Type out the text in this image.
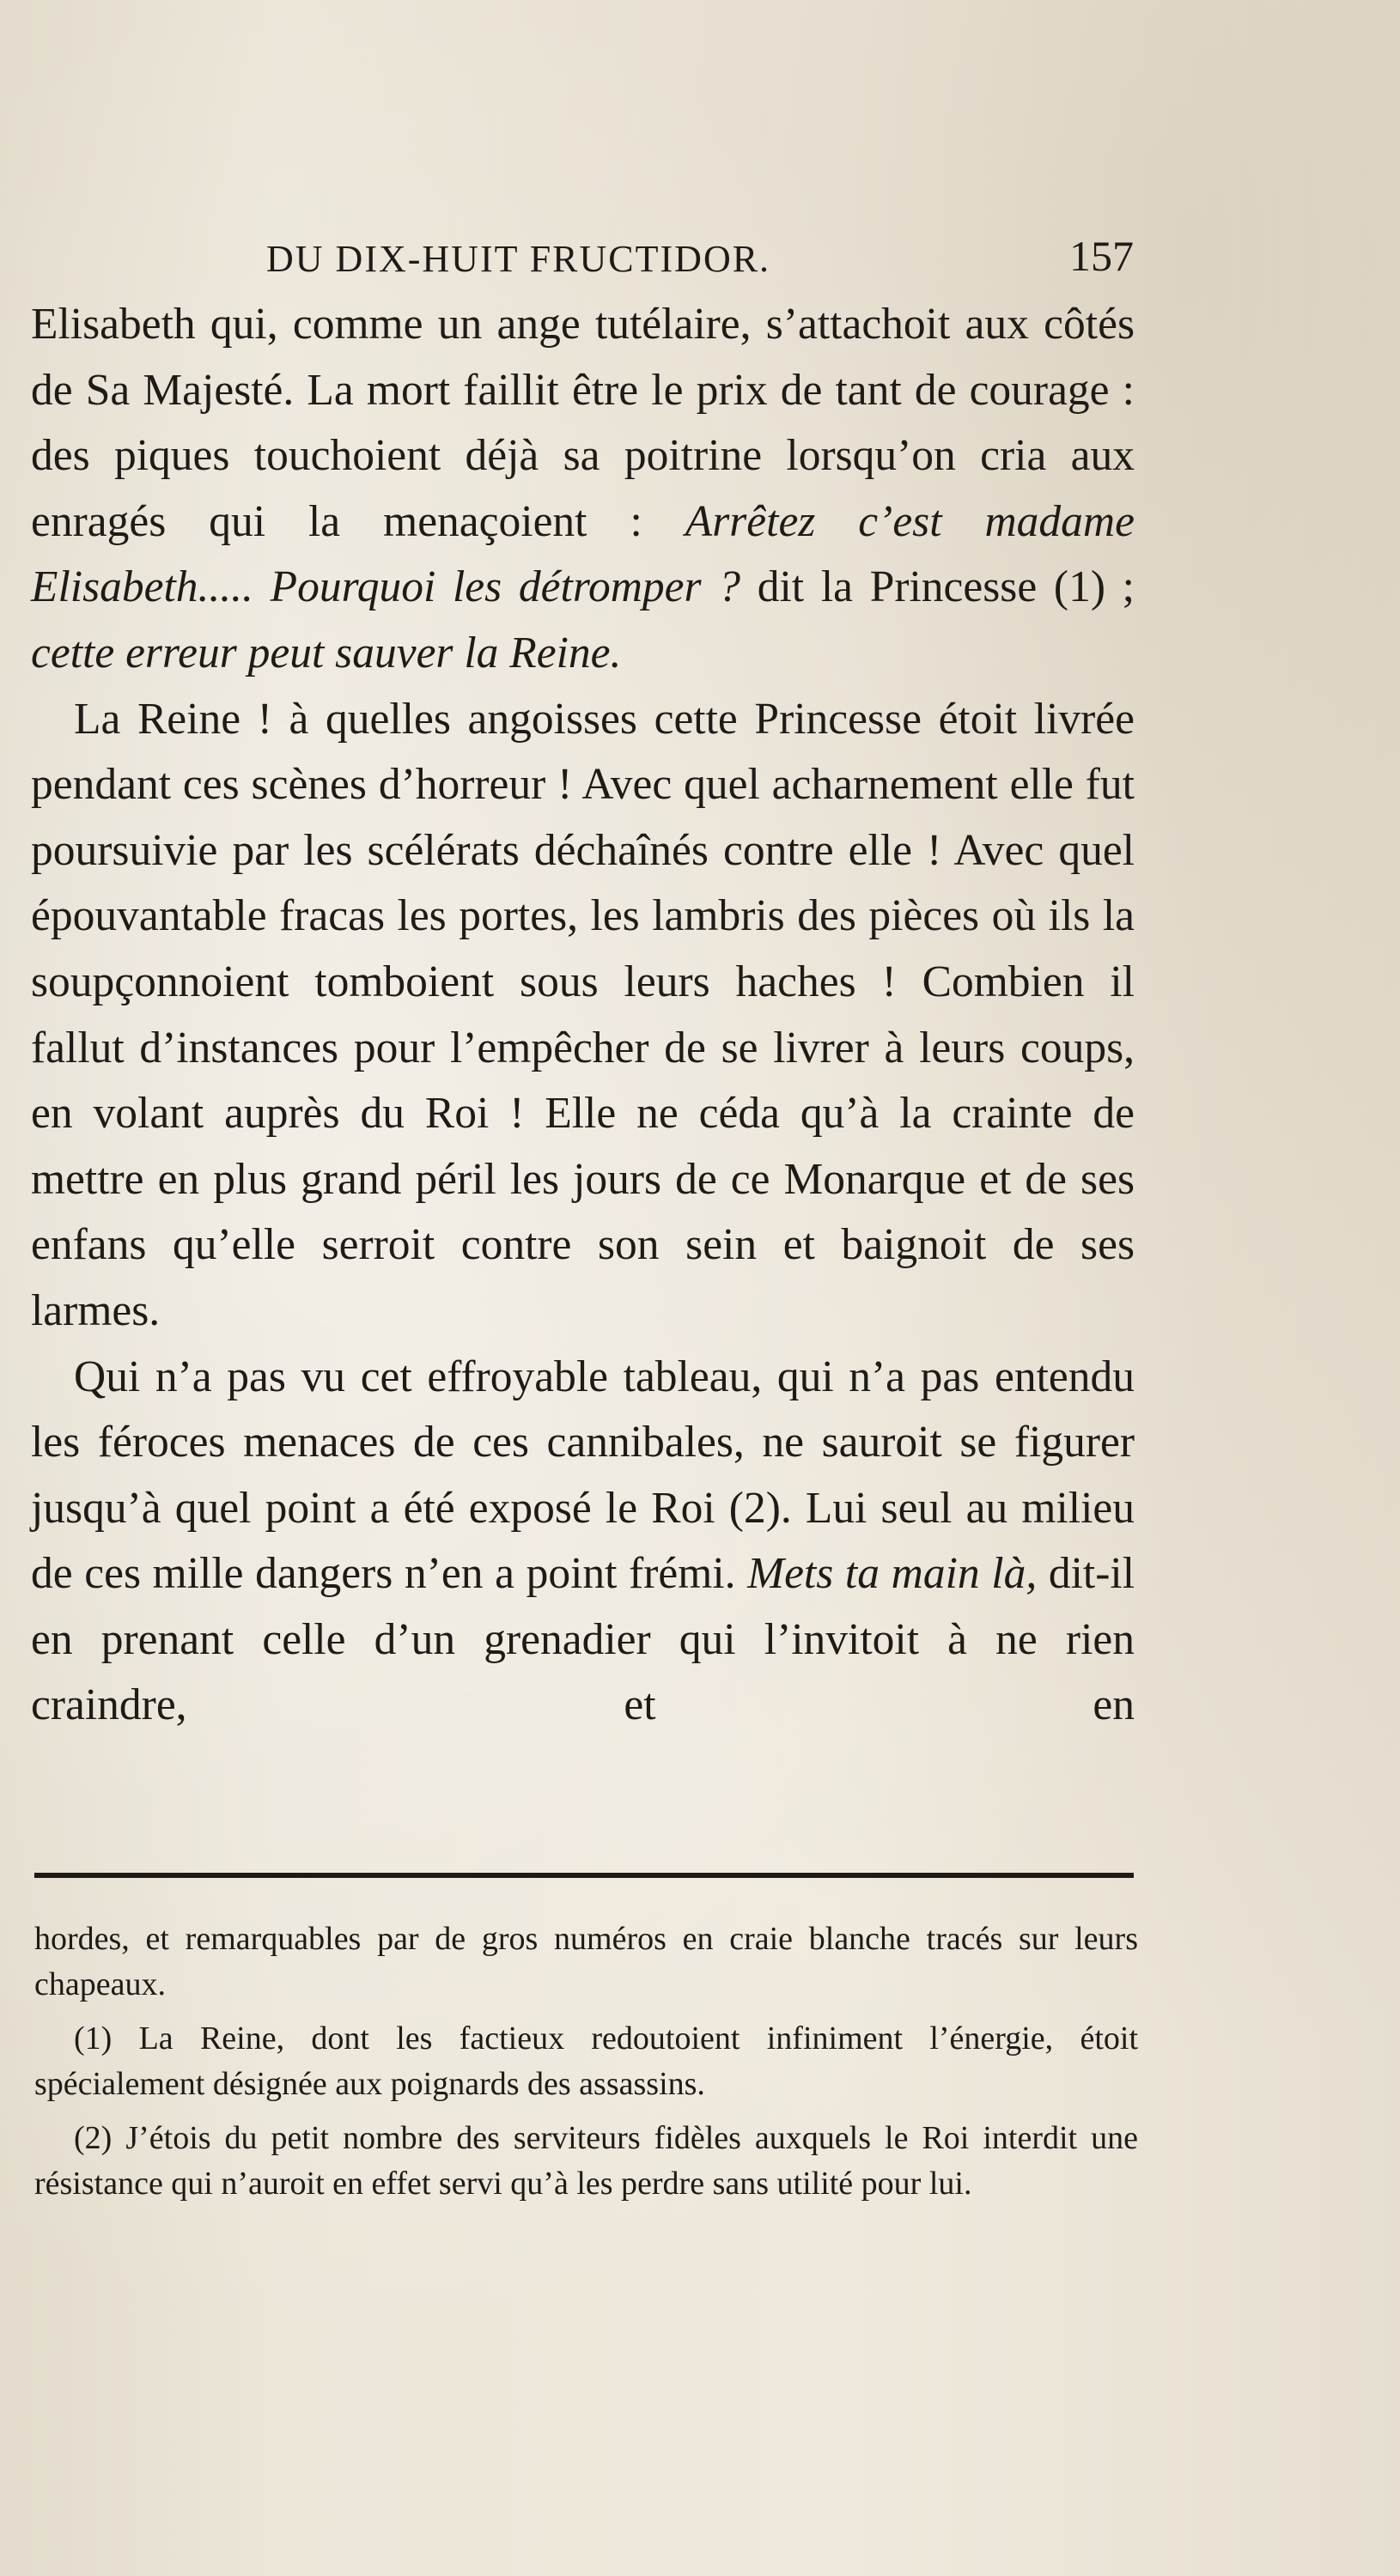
DU DIX-HUIT FRUCTIDOR.	157

Elisabeth qui, comme un ange tutélaire, s’attachoit aux côtés de Sa Majesté. La mort faillit être le prix de tant de courage : des piques touchoient déjà sa poitrine lorsqu’on cria aux enragés qui la menaçoient : Arrêtez c’est madame Elisabeth..... Pourquoi les détromper ? dit la Princesse (1) ; cette erreur peut sauver la Reine.

La Reine ! à quelles angoisses cette Princesse étoit livrée pendant ces scènes d’horreur ! Avec quel acharnement elle fut poursuivie par les scélérats déchaînés contre elle ! Avec quel épouvantable fracas les portes, les lambris des pièces où ils la soupçonnoient tomboient sous leurs haches ! Combien il fallut d’instances pour l’empêcher de se livrer à leurs coups, en volant auprès du Roi ! Elle ne céda qu’à la crainte de mettre en plus grand péril les jours de ce Monarque et de ses enfans qu’elle serroit contre son sein et baignoit de ses larmes.

Qui n’a pas vu cet effroyable tableau, qui n’a pas entendu les féroces menaces de ces cannibales, ne sauroit se figurer jusqu’à quel point a été exposé le Roi (2). Lui seul au milieu de ces mille dangers n’en a point frémi. Mets ta main là, dit-il en prenant celle d’un grenadier qui l’invitoit à ne rien craindre, et en

hordes, et remarquables par de gros numéros en craie blanche tracés sur leurs chapeaux.

(1) La Reine, dont les factieux redoutoient infiniment l’énergie, étoit spécialement désignée aux poignards des assassins.

(2) J’étois du petit nombre des serviteurs fidèles auxquels le Roi interdit une résistance qui n’auroit en effet servi qu’à les perdre sans utilité pour lui.
